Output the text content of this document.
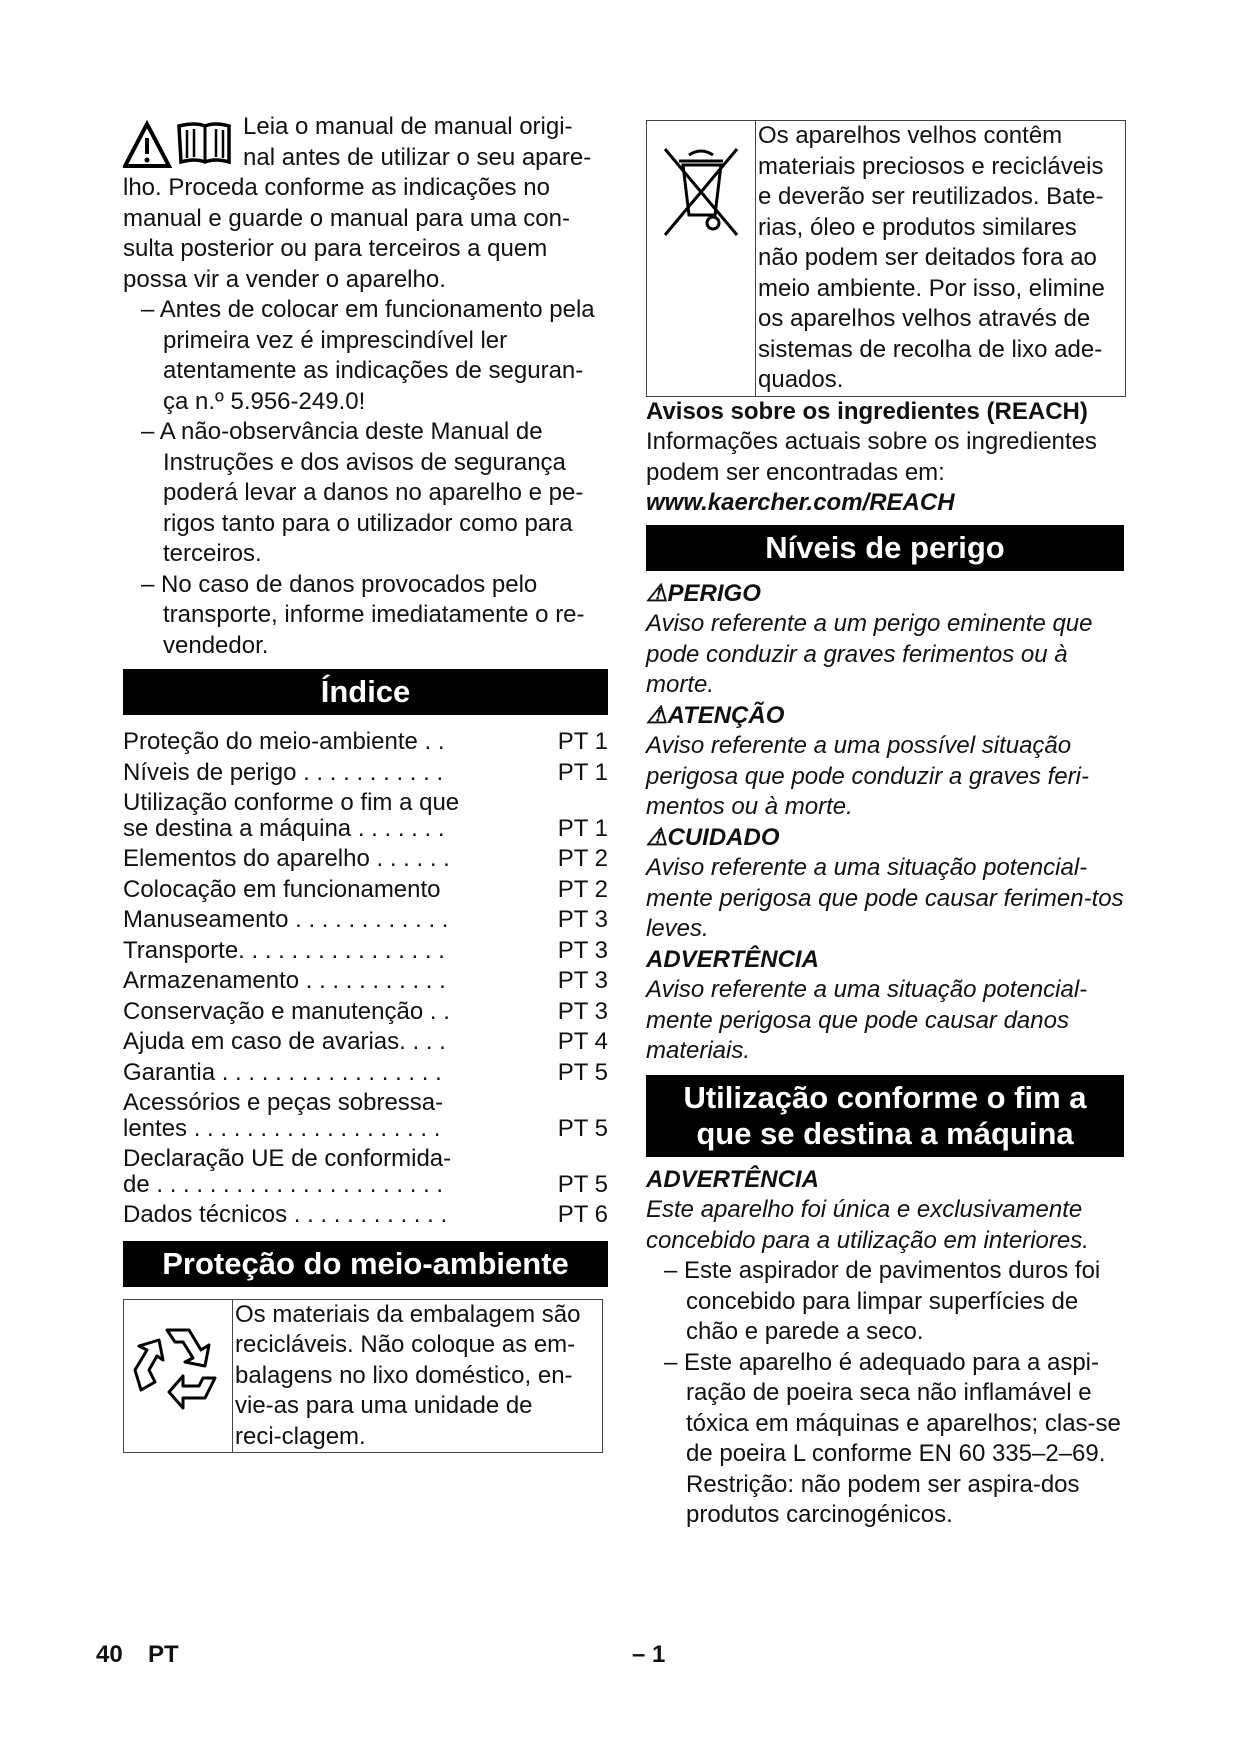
Leia o manual de manual origi-

nal antes de utilizar o seu apare-

lho. Proceda conforme as indicações no manual e guarde o manual para uma con-sulta posterior ou para terceiros a quem possa vir a vender o aparelho.

– Antes de colocar em funcionamento pela primeira vez é imprescindível ler atentamente as indicações de seguran-ça n.º 5.956-249.0!

– A não-observância deste Manual de Instruções e dos avisos de segurança poderá levar a danos no aparelho e pe-rigos tanto para o utilizador como para terceiros.

– No caso de danos provocados pelo transporte, informe imediatamente o re-vendedor.

Índice
Proteção do meio-ambiente . .	PT 1
Níveis de perigo . . . . . . . . . . .	PT 1
Utilização conforme o fim a que
se destina a máquina . . . . . . .	PT 1
Elementos do aparelho . . . . . .	PT 2
Colocação em funcionamento	PT 2
Manuseamento . . . . . . . . . . . .	PT 3
Transporte. . . . . . . . . . . . . . . .	PT 3
Armazenamento . . . . . . . . . . .	PT 3
Conservação e manutenção . .	PT 3
Ajuda em caso de avarias. . . .	PT 4
Garantia . . . . . . . . . . . . . . . . .	PT 5
Acessórios e peças sobressa-
lentes . . . . . . . . . . . . . . . . . . .	PT 5
Declaração UE de conformida-
de . . . . . . . . . . . . . . . . . . . . . .	PT 5
Dados técnicos . . . . . . . . . . . .	PT 6
Proteção do meio-ambiente
Os materiais da embalagem são recicláveis. Não coloque as em-balagens no lixo doméstico, en-vie-as para uma unidade de reci-clagem.
Os aparelhos velhos contêm materiais preciosos e recicláveis e deverão ser reutilizados. Bate-rias, óleo e produtos similares não podem ser deitados fora ao meio ambiente. Por isso, elimine os aparelhos velhos através de sistemas de recolha de lixo ade-quados.

Avisos sobre os ingredientes (REACH)

Informações actuais sobre os ingredientes podem ser encontradas em:

www.kaercher.com/REACH

Níveis de perigo

⚠PERIGO

Aviso referente a um perigo eminente que pode conduzir a graves ferimentos ou à morte.

⚠ATENÇÃO

Aviso referente a uma possível situação perigosa que pode conduzir a graves feri-mentos ou à morte.

⚠CUIDADO

Aviso referente a uma situação potencial-mente perigosa que pode causar ferimen-tos leves.

ADVERTÊNCIA

Aviso referente a uma situação potencial-mente perigosa que pode causar danos materiais.

Utilização conforme o fim a que se destina a máquina

ADVERTÊNCIA

Este aparelho foi única e exclusivamente concebido para a utilização em interiores.

– Este aspirador de pavimentos duros foi concebido para limpar superfícies de chão e parede a seco.

– Este aparelho é adequado para a aspi-ração de poeira seca não inflamável e tóxica em máquinas e aparelhos; clas-se de poeira L conforme EN 60 335–2–69. Restrição: não podem ser aspira-dos produtos carcinogénicos.

40 PT	– 1
